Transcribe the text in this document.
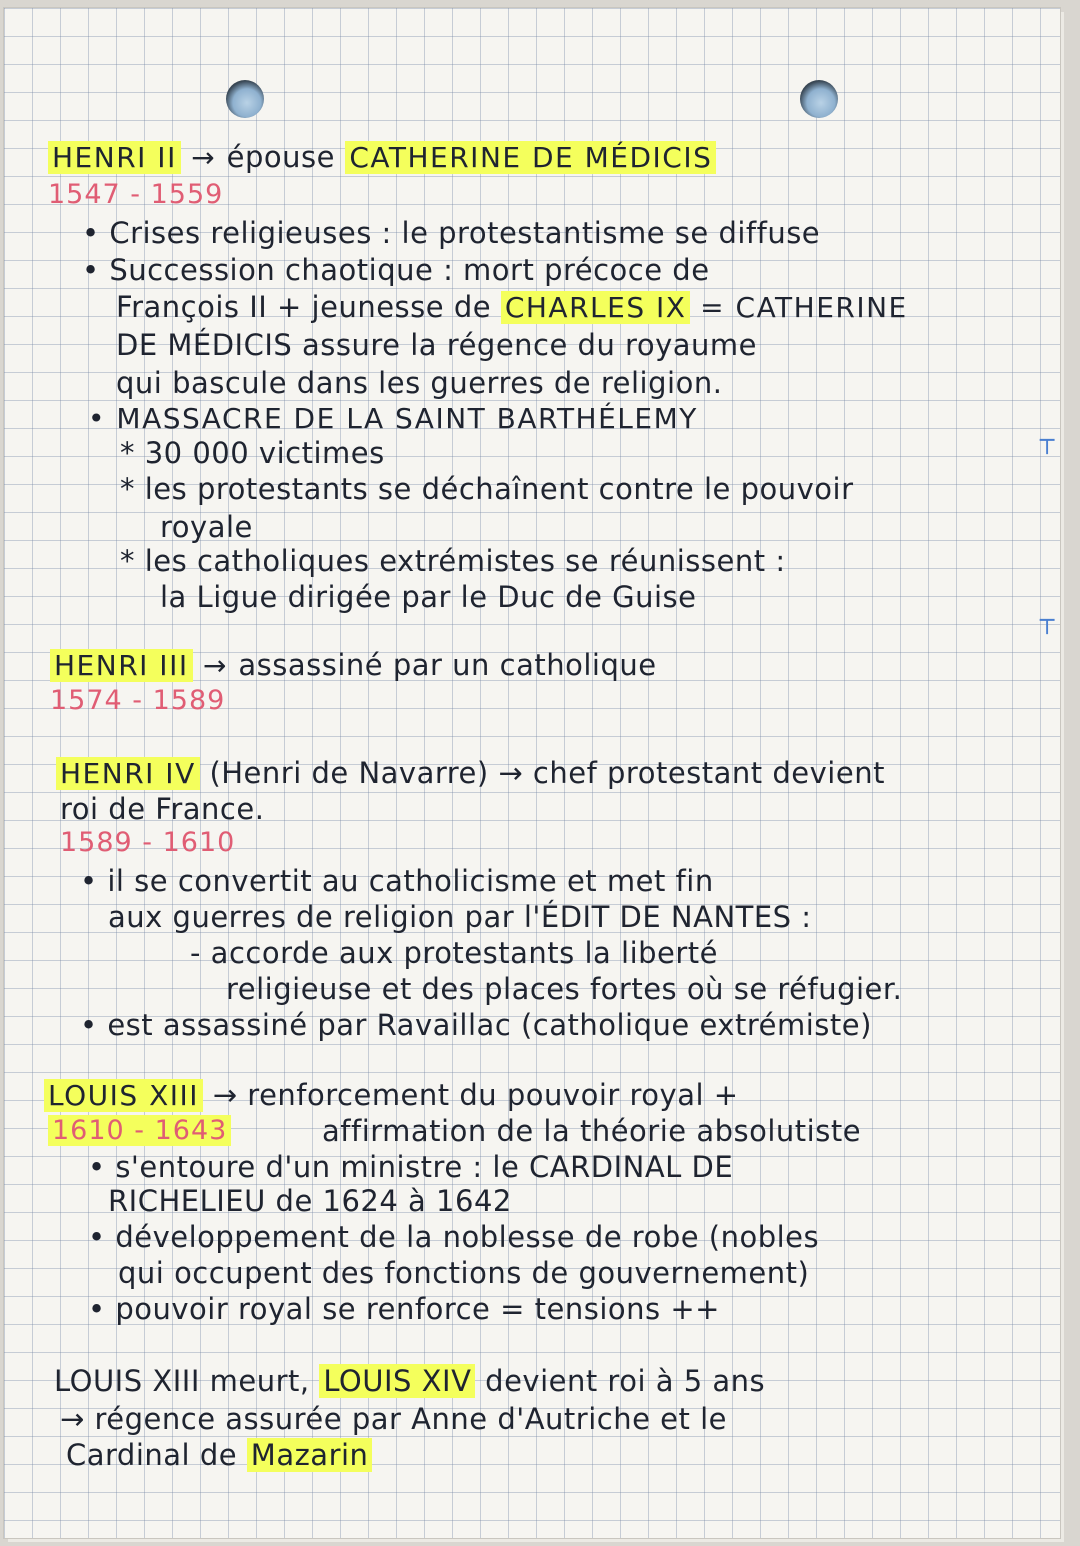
HENRI II → épouse CATHERINE DE MÉDICIS
1547 - 1559
• Crises religieuses : le protestantisme se diffuse
• Succession chaotique : mort précoce de
François II + jeunesse de CHARLES IX = CATHERINE
DE MÉDICIS assure la régence du royaume
qui bascule dans les guerres de religion.
• MASSACRE DE LA SAINT BARTHÉLEMY
* 30 000 victimes
* les protestants se déchaînent contre le pouvoir
royale
* les catholiques extrémistes se réunissent :
la Ligue dirigée par le Duc de Guise
HENRI III → assassiné par un catholique
1574 - 1589
HENRI IV (Henri de Navarre) → chef protestant devient
roi de France.
1589 - 1610
• il se convertit au catholicisme et met fin
aux guerres de religion par l'ÉDIT DE NANTES :
- accorde aux protestants la liberté
religieuse et des places fortes où se réfugier.
• est assassiné par Ravaillac (catholique extrémiste)
LOUIS XIII → renforcement du pouvoir royal +
1610 - 1643	affirmation de la théorie absolutiste
• s'entoure d'un ministre : le CARDINAL DE
RICHELIEU de 1624 à 1642
• développement de la noblesse de robe (nobles
qui occupent des fonctions de gouvernement)
• pouvoir royal se renforce = tensions ++
LOUIS XIII meurt, LOUIS XIV devient roi à 5 ans
→ régence assurée par Anne d'Autriche et le
Cardinal de Mazarin
┬
┬
